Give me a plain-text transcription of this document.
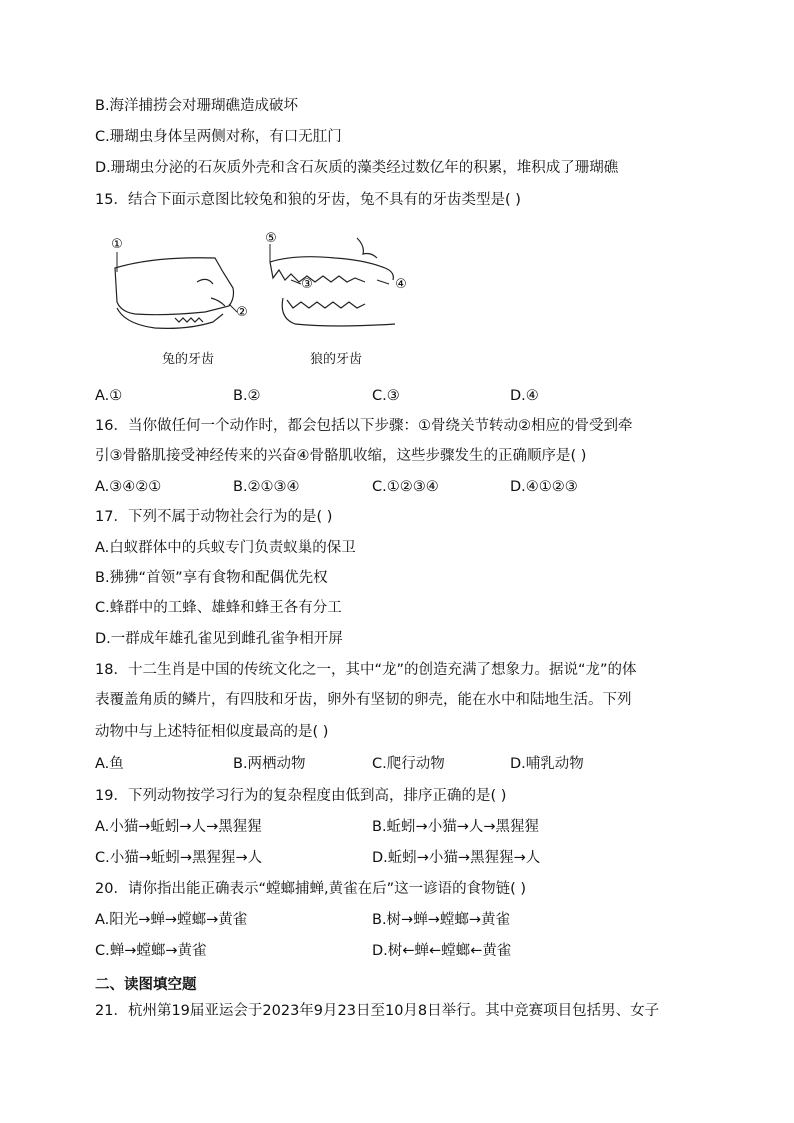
B.海洋捕捞会对珊瑚礁造成破坏
C.珊瑚虫身体呈两侧对称，有口无肛门
D.珊瑚虫分泌的石灰质外壳和含石灰质的藻类经过数亿年的积累，堆积成了珊瑚礁
15．结合下面示意图比较兔和狼的牙齿，兔不具有的牙齿类型是( )
①
②
③	④
⑤
兔的牙齿	狼的牙齿
A.①	B.②	C.③	D.④
16．当你做任何一个动作时，都会包括以下步骤：①骨绕关节转动②相应的骨受到牵
引③骨骼肌接受神经传来的兴奋④骨骼肌收缩，这些步骤发生的正确顺序是( )
A.③④②①	B.②①③④	C.①②③④	D.④①②③
17．下列不属于动物社会行为的是( )
A.白蚁群体中的兵蚁专门负责蚁巢的保卫
B.狒狒“首领”享有食物和配偶优先权
C.蜂群中的工蜂、雄蜂和蜂王各有分工
D.一群成年雄孔雀见到雌孔雀争相开屏
18．十二生肖是中国的传统文化之一，其中“龙”的创造充满了想象力。据说“龙”的体
表覆盖角质的鳞片，有四肢和牙齿，卵外有坚韧的卵壳，能在水中和陆地生活。下列
动物中与上述特征相似度最高的是( )
A.鱼	B.两栖动物	C.爬行动物	D.哺乳动物
19．下列动物按学习行为的复杂程度由低到高，排序正确的是( )
A.小猫→蚯蚓→人→黑猩猩	B.蚯蚓→小猫→人→黑猩猩
C.小猫→蚯蚓→黑猩猩→人	D.蚯蚓→小猫→黑猩猩→人
20．请你指出能正确表示“螳螂捕蝉,黄雀在后”这一谚语的食物链( )
A.阳光→蝉→螳螂→黄雀	B.树→蝉→螳螂→黄雀
C.蝉→螳螂→黄雀	D.树←蝉←螳螂←黄雀
二、读图填空题
21．杭州第19届亚运会于2023年9月23日至10月8日举行。其中竞赛项目包括男、女子
